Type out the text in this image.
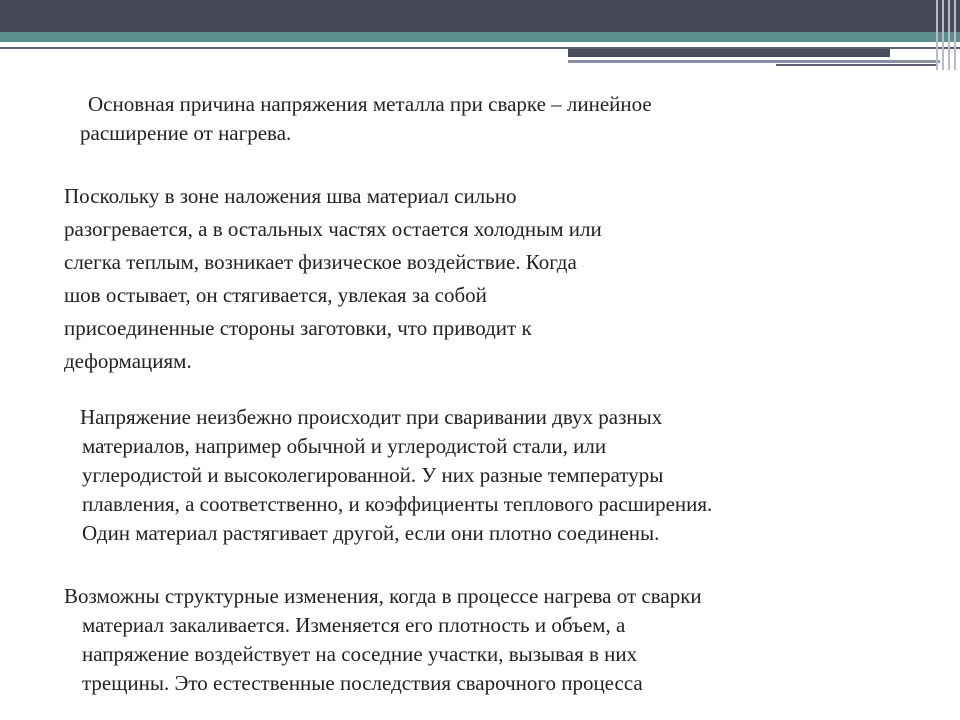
Основная причина напряжения металла при сварке – линейное
расширение от нагрева.

Поскольку в зоне наложения шва материал сильно
разогревается, а в остальных частях остается холодным или
слегка теплым, возникает физическое воздействие. Когда
шов остывает, он стягивается, увлекая за собой
присоединенные стороны заготовки, что приводит к
деформациям.

Напряжение неизбежно происходит при сваривании двух разных
материалов, например обычной и углеродистой стали, или
углеродистой и высоколегированной. У них разные температуры
плавления, а соответственно, и коэффициенты теплового расширения.
Один материал растягивает другой, если они плотно соединены.

Возможны структурные изменения, когда в процессе нагрева от сварки
материал закаливается. Изменяется его плотность и объем, а
напряжение воздействует на соседние участки, вызывая в них
трещины. Это естественные последствия сварочного процесса
